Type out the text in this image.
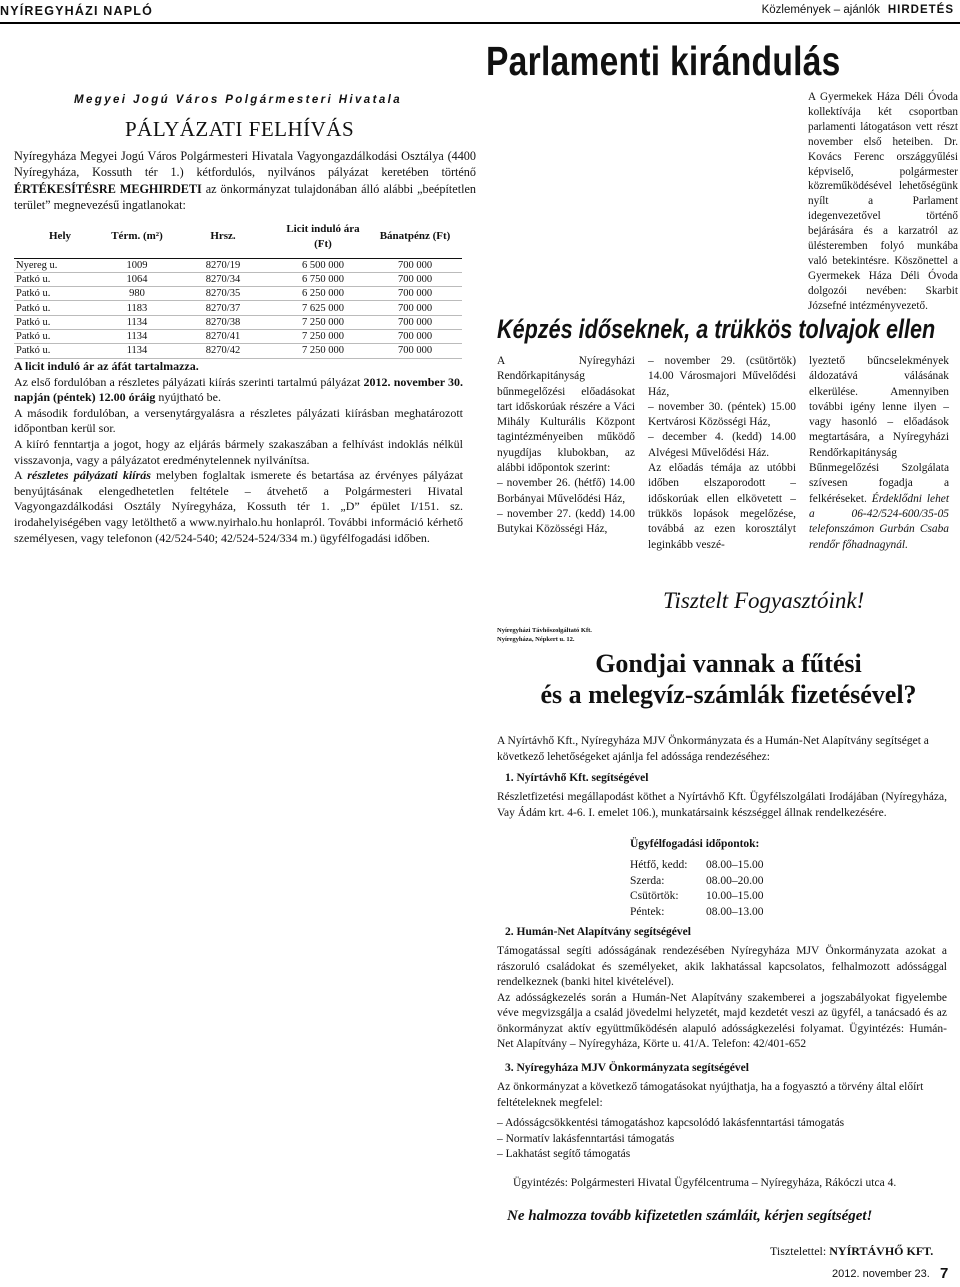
NYÍREGYHÁZI NAPLÓ	Közlemények – ajánlók HIRDETÉS
Megyei Jogú Város Polgármesteri Hivatala
PÁLYÁZATI FELHÍVÁS

Nyíregyháza Megyei Jogú Város Polgármesteri Hivatala Vagyongazdálkodási Osztálya (4400 Nyíregyháza, Kossuth tér 1.) kétfordulós, nyilvános pályázat keretében történő ÉRTÉKESÍTÉSRE MEGHIRDETI az önkormányzat tulajdonában álló alábbi „beépítetlen terület” megnevezésű ingatlanokat:

Hely	Térm. (m²)	Hrsz.	Licit induló ára (Ft)	Bánatpénz (Ft)
Nyereg u.	1009	8270/19	6 500 000	700 000
Patkó u.	1064	8270/34	6 750 000	700 000
Patkó u.	980	8270/35	6 250 000	700 000
Patkó u.	1183	8270/37	7 625 000	700 000
Patkó u.	1134	8270/38	7 250 000	700 000
Patkó u.	1134	8270/41	7 250 000	700 000
Patkó u.	1134	8270/42	7 250 000	700 000

A licit induló ár az áfát tartalmazza.

Az első fordulóban a részletes pályázati kiírás szerinti tartalmú pályázat 2012. november 30. napján (péntek) 12.00 óráig nyújtható be.

A második fordulóban, a versenytárgyalásra a részletes pályázati kiírásban meghatározott időpontban kerül sor.

A kiíró fenntartja a jogot, hogy az eljárás bármely szakaszában a felhívást indoklás nélkül visszavonja, vagy a pályázatot eredménytelennek nyilvánítsa.

A részletes pályázati kiírás melyben foglaltak ismerete és betartása az érvényes pályázat benyújtásának elengedhetetlen feltétele – átvehető a Polgármesteri Hivatal Vagyongazdálkodási Osztály Nyíregyháza, Kossuth tér 1. „D” épület I/151. sz. irodahelyiségében vagy letölthető a www.nyirhalo.hu honlapról. További információ kérhető személyesen, vagy telefonon (42/524-540; 42/524-524/334 m.) ügyfélfogadási időben.

Parlamenti kirándulás

A Gyermekek Háza Déli Óvoda kollektívája két csoportban parlamenti látogatáson vett részt november első heteiben. Dr. Kovács Ferenc országgyűlési képviselő, polgármester közreműködésével lehetőségünk nyílt a Parlament idegenvezetővel történő bejárására és a karzatról az ülésteremben folyó munkába való betekintésre. Köszönettel a Gyermekek Háza Déli Óvoda dolgozói nevében: Skarbit Józsefné intézményvezető.

Képzés időseknek, a trükkös tolvajok ellen

A Nyíregyházi Rendőrkapitányság bűnmegelőzési előadásokat tart időskorúak részére a Váci Mihály Kulturális Központ tagintézményeiben működő nyugdíjas klubokban, az alábbi időpontok szerint:

– november 26. (hétfő) 14.00 Borbányai Művelődési Ház,

– november 27. (kedd) 14.00 Butykai Közösségi Ház,

– november 29. (csütörtök) 14.00 Városmajori Művelődési Ház,

– november 30. (péntek) 15.00 Kertvárosi Közösségi Ház,

– december 4. (kedd) 14.00 Alvégesi Művelődési Ház.

Az előadás témája az utóbbi időben elszaporodott – időskorúak ellen elkövetett – trükkös lopások megelőzése, továbbá az ezen korosztályt leginkább veszé-

lyeztető bűncselekmények áldozatává válásának elkerülése. Amennyiben további igény lenne ilyen – vagy hasonló – előadások megtartására, a Nyíregyházi Rendőrkapitányság Bűnmegelőzési Szolgálata szívesen fogadja a felkéréseket. Érdeklődni lehet a 06-42/524-600/35-05 telefonszámon Gurbán Csaba rendőr főhadnagynál.

Nyíregyházi Távhőszolgáltató Kft.
Nyíregyháza, Népkert u. 12.
Tisztelt Fogyasztóink!
Gondjai vannak a fűtési
és a melegvíz-számlák fizetésével?

A Nyírtávhő Kft., Nyíregyháza MJV Önkormányzata és a Humán-Net Alapítvány segítséget a következő lehetőségeket ajánlja fel adóssága rendezéséhez:

1. Nyírtávhő Kft. segítségével

Részletfizetési megállapodást köthet a Nyírtávhő Kft. Ügyfélszolgálati Irodájában (Nyíregyháza, Vay Ádám krt. 4-6. I. emelet 106.), munkatársaink készséggel állnak rendelkezésére.

Ügyfélfogadási időpontok:
Hétfő, kedd:	08.00–15.00
Szerda:	08.00–20.00
Csütörtök:	10.00–15.00
Péntek:	08.00–13.00
2. Humán-Net Alapítvány segítségével

Támogatással segíti adósságának rendezésében Nyíregyháza MJV Önkormányzata azokat a rászoruló családokat és személyeket, akik lakhatással kapcsolatos, felhalmozott adóssággal rendelkeznek (banki hitel kivételével).

Az adósságkezelés során a Humán-Net Alapítvány szakemberei a jogszabályokat figyelembe véve megvizsgálja a család jövedelmi helyzetét, majd kezdetét veszi az ügyfél, a tanácsadó és az önkormányzat aktív együttműködésén alapuló adósságkezelési folyamat. Ügyintézés: Humán-Net Alapítvány – Nyíregyháza, Körte u. 41/A. Telefon: 42/401-652

3. Nyíregyháza MJV Önkormányzata segítségével

Az önkormányzat a következő támogatásokat nyújthatja, ha a fogyasztó a törvény által előírt feltételeknek megfelel:

– Adósságcsökkentési támogatáshoz kapcsolódó lakásfenntartási támogatás
– Normatív lakásfenntartási támogatás
– Lakhatást segítő támogatás
Ügyintézés: Polgármesteri Hivatal Ügyfélcentruma – Nyíregyháza, Rákóczi utca 4.
Ne halmozza tovább kifizetetlen számláit, kérjen segítséget!
Tisztelettel: NYÍRTÁVHŐ KFT.
2012. november 23. 7
